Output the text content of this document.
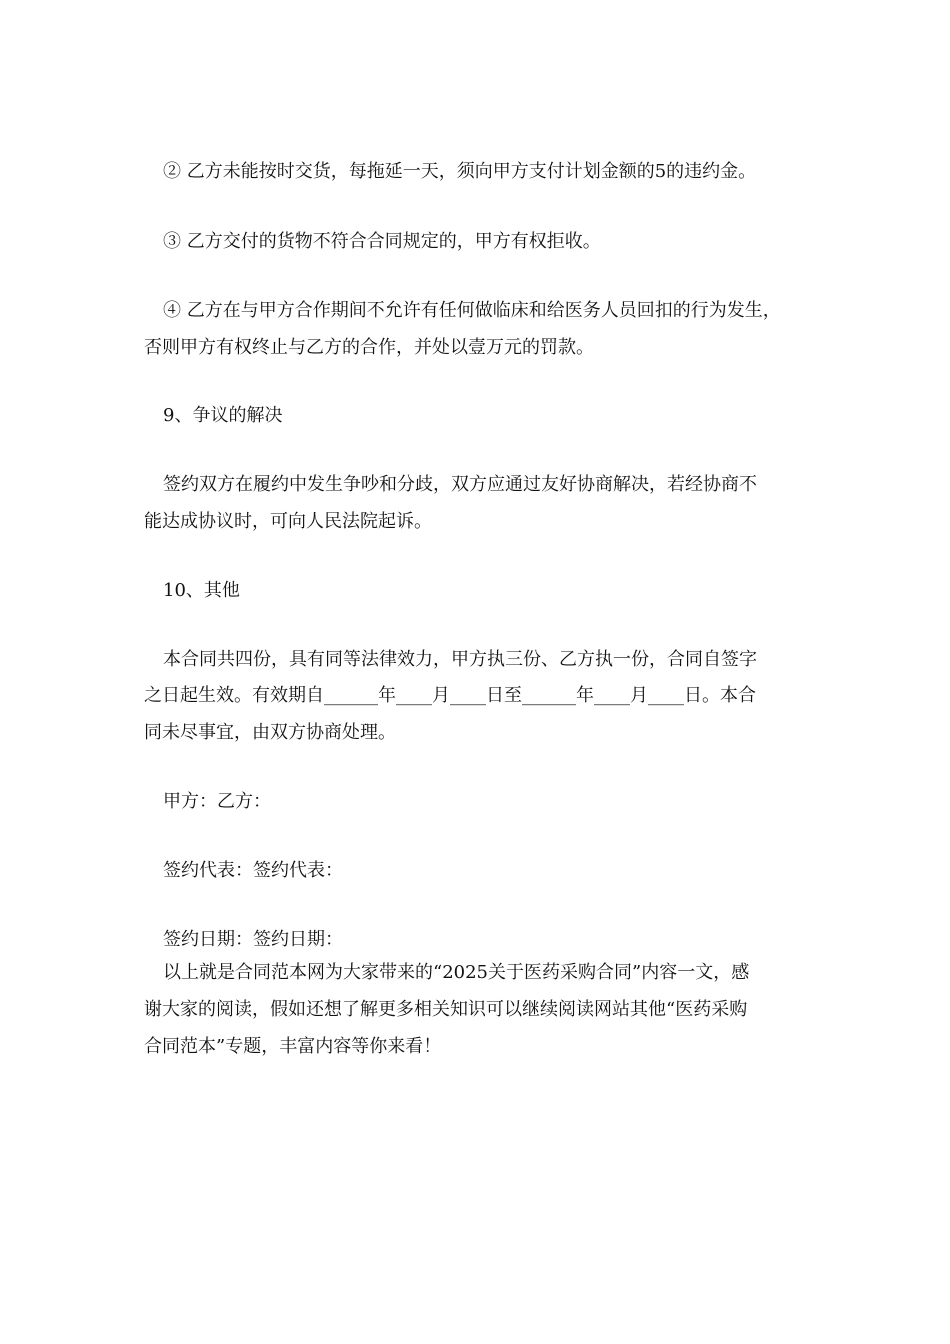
② 乙方未能按时交货，每拖延一天，须向甲方支付计划金额的5的违约金。
③ 乙方交付的货物不符合合同规定的，甲方有权拒收。
④ 乙方在与甲方合作期间不允许有任何做临床和给医务人员回扣的行为发生，
否则甲方有权终止与乙方的合作，并处以壹万元的罚款。
9、争议的解决
签约双方在履约中发生争吵和分歧，双方应通过友好协商解决，若经协商不
能达成协议时，可向人民法院起诉。
10、其他
本合同共四份，具有同等法律效力，甲方执三份、乙方执一份，合同自签字
之日起生效。有效期自______年____月____日至______年____月____日。本合
同未尽事宜，由双方协商处理。
甲方：乙方：
签约代表：签约代表：
签约日期：签约日期：
以上就是合同范本网为大家带来的“2025关于医药采购合同”内容一文，感
谢大家的阅读，假如还想了解更多相关知识可以继续阅读网站其他“医药采购
合同范本”专题，丰富内容等你来看！
